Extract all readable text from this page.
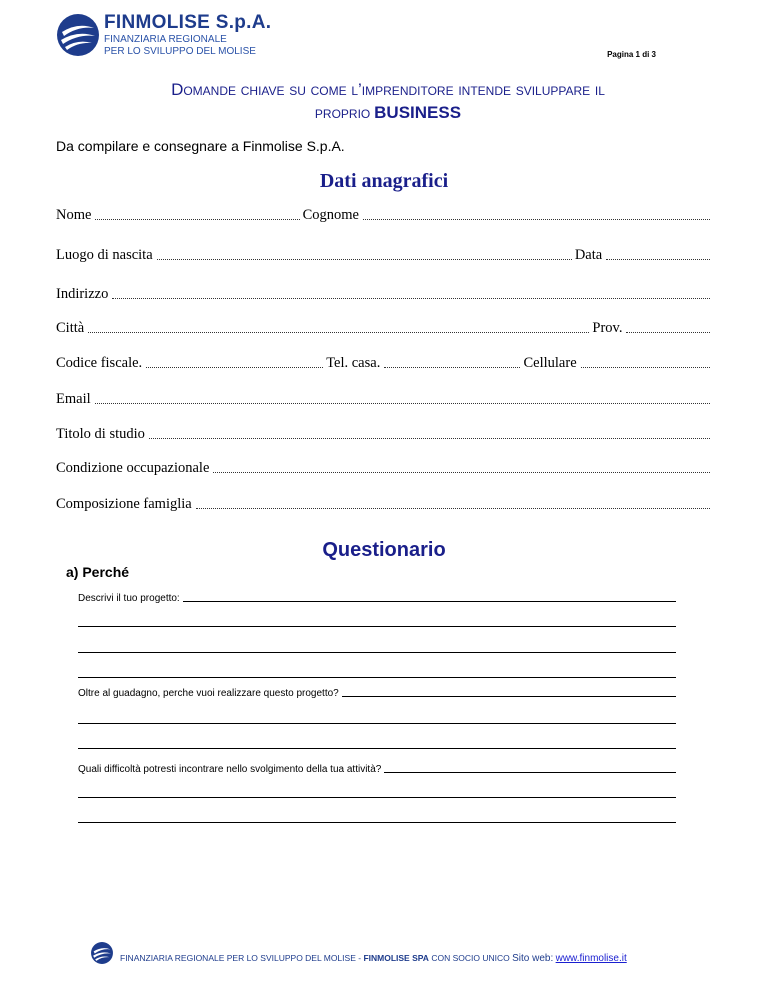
FINMOLISE S.p.A.
FINANZIARIA REGIONALE
PER LO SVILUPPO DEL MOLISE	Pagina 1 di 3
Domande chiave su come l’imprenditore intende sviluppare il
proprio BUSINESS
Da compilare e consegnare a Finmolise S.p.A.
Dati anagrafici
Nome	Cognome
Luogo di nascita	Data
Indirizzo
Città	Prov.
Codice fiscale.	Tel. casa.	Cellulare
Email
Titolo di studio
Condizione occupazionale
Composizione famiglia
Questionario
a) Perché
Descrivi il tuo progetto:
Oltre al guadagno, perche vuoi realizzare questo progetto?
Quali difficoltà potresti incontrare nello svolgimento della tua attività?
FINANZIARIA REGIONALE PER LO SVILUPPO DEL MOLISE - FINMOLISE SPA CON SOCIO UNICO Sito web: www.finmolise.it
